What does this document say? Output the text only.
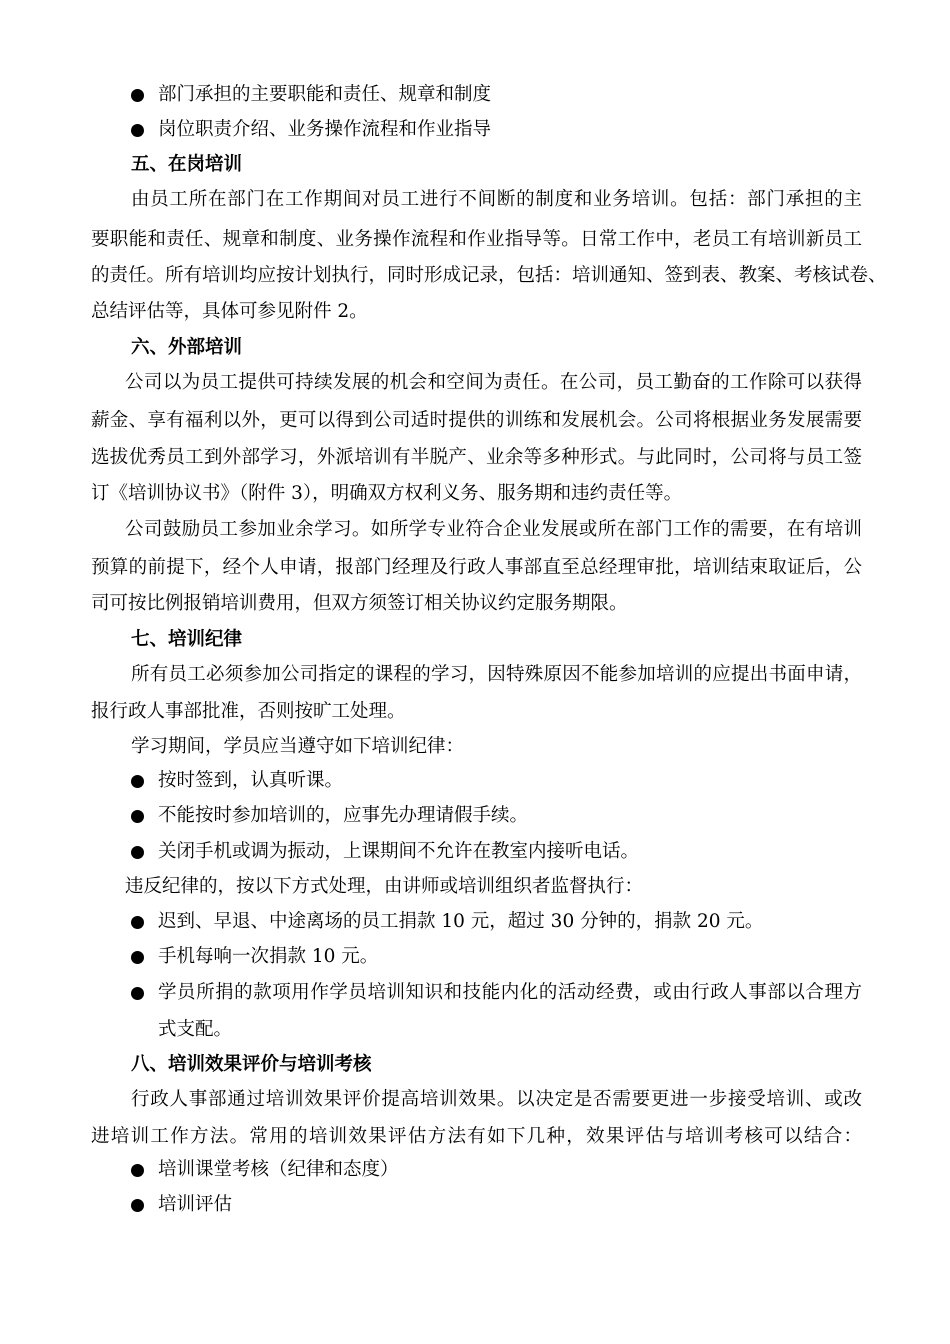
部门承担的主要职能和责任、规章和制度
岗位职责介绍、业务操作流程和作业指导
五、在岗培训
由员工所在部门在工作期间对员工进行不间断的制度和业务培训。包括：部门承担的主
要职能和责任、规章和制度、业务操作流程和作业指导等。日常工作中，老员工有培训新员工
的责任。所有培训均应按计划执行，同时形成记录，包括：培训通知、签到表、教案、考核试卷、
总结评估等，具体可参见附件 2。
六、外部培训
公司以为员工提供可持续发展的机会和空间为责任。在公司，员工勤奋的工作除可以获得
薪金、享有福利以外，更可以得到公司适时提供的训练和发展机会。公司将根据业务发展需要
选拔优秀员工到外部学习，外派培训有半脱产、业余等多种形式。与此同时，公司将与员工签
订《培训协议书》（附件 3），明确双方权利义务、服务期和违约责任等。
公司鼓励员工参加业余学习。如所学专业符合企业发展或所在部门工作的需要，在有培训
预算的前提下，经个人申请，报部门经理及行政人事部直至总经理审批，培训结束取证后，公
司可按比例报销培训费用，但双方须签订相关协议约定服务期限。
七、培训纪律
所有员工必须参加公司指定的课程的学习，因特殊原因不能参加培训的应提出书面申请，
报行政人事部批准，否则按旷工处理。
学习期间，学员应当遵守如下培训纪律：
按时签到，认真听课。
不能按时参加培训的，应事先办理请假手续。
关闭手机或调为振动，上课期间不允许在教室内接听电话。
违反纪律的，按以下方式处理，由讲师或培训组织者监督执行：
迟到、早退、中途离场的员工捐款 10 元，超过 30 分钟的，捐款 20 元。
手机每响一次捐款 10 元。
学员所捐的款项用作学员培训知识和技能内化的活动经费，或由行政人事部以合理方
式支配。
八、培训效果评价与培训考核
行政人事部通过培训效果评价提高培训效果。以决定是否需要更进一步接受培训、或改
进培训工作方法。常用的培训效果评估方法有如下几种，效果评估与培训考核可以结合：
培训课堂考核（纪律和态度）
培训评估
